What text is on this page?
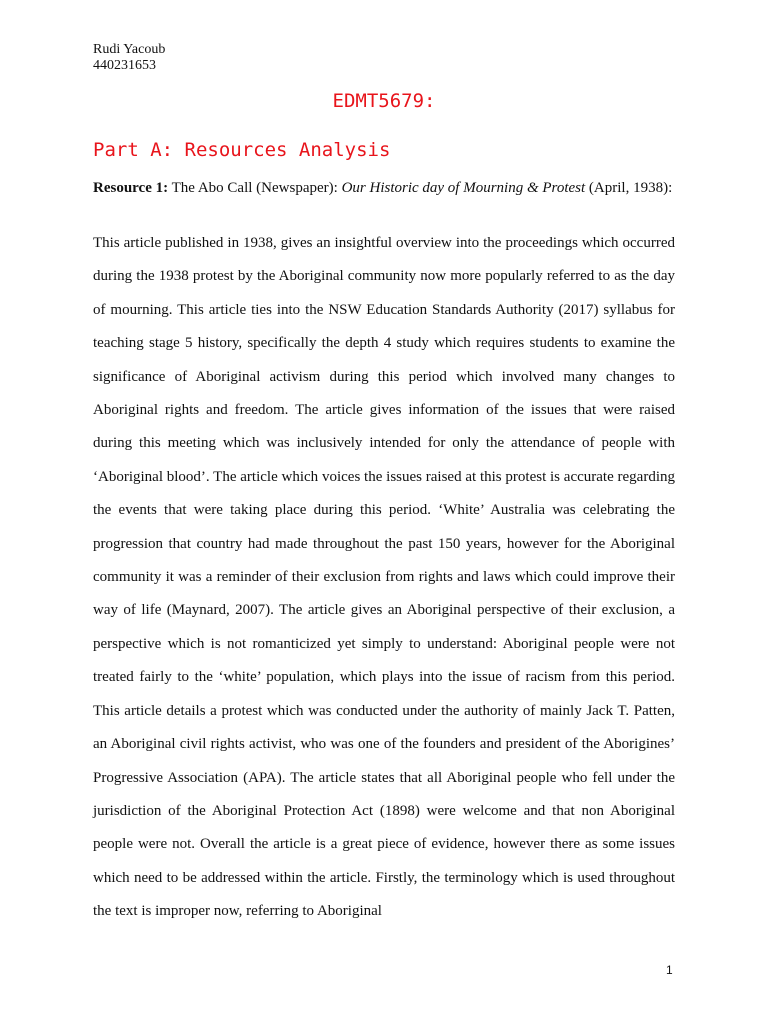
Rudi Yacoub
440231653
EDMT5679:
Part A: Resources Analysis
Resource 1: The Abo Call (Newspaper): Our Historic day of Mourning & Protest (April, 1938):

This article published in 1938, gives an insightful overview into the proceedings which occurred during the 1938 protest by the Aboriginal community now more popularly referred to as the day of mourning. This article ties into the NSW Education Standards Authority (2017) syllabus for teaching stage 5 history, specifically the depth 4 study which requires students to examine the significance of Aboriginal activism during this period which involved many changes to Aboriginal rights and freedom. The article gives information of the issues that were raised during this meeting which was inclusively intended for only the attendance of people with ‘Aboriginal blood’. The article which voices the issues raised at this protest is accurate regarding the events that were taking place during this period. ‘White’ Australia was celebrating the progression that country had made throughout the past 150 years, however for the Aboriginal community it was a reminder of their exclusion from rights and laws which could improve their way of life (Maynard, 2007). The article gives an Aboriginal perspective of their exclusion, a perspective which is not romanticized yet simply to understand: Aboriginal people were not treated fairly to the ‘white’ population, which plays into the issue of racism from this period. This article details a protest which was conducted under the authority of mainly Jack T. Patten, an Aboriginal civil rights activist, who was one of the founders and president of the Aborigines’ Progressive Association (APA). The article states that all Aboriginal people who fell under the jurisdiction of the Aboriginal Protection Act (1898) were welcome and that non Aboriginal people were not. Overall the article is a great piece of evidence, however there as some issues which need to be addressed within the article. Firstly, the terminology which is used throughout the text is improper now, referring to Aboriginal

1
